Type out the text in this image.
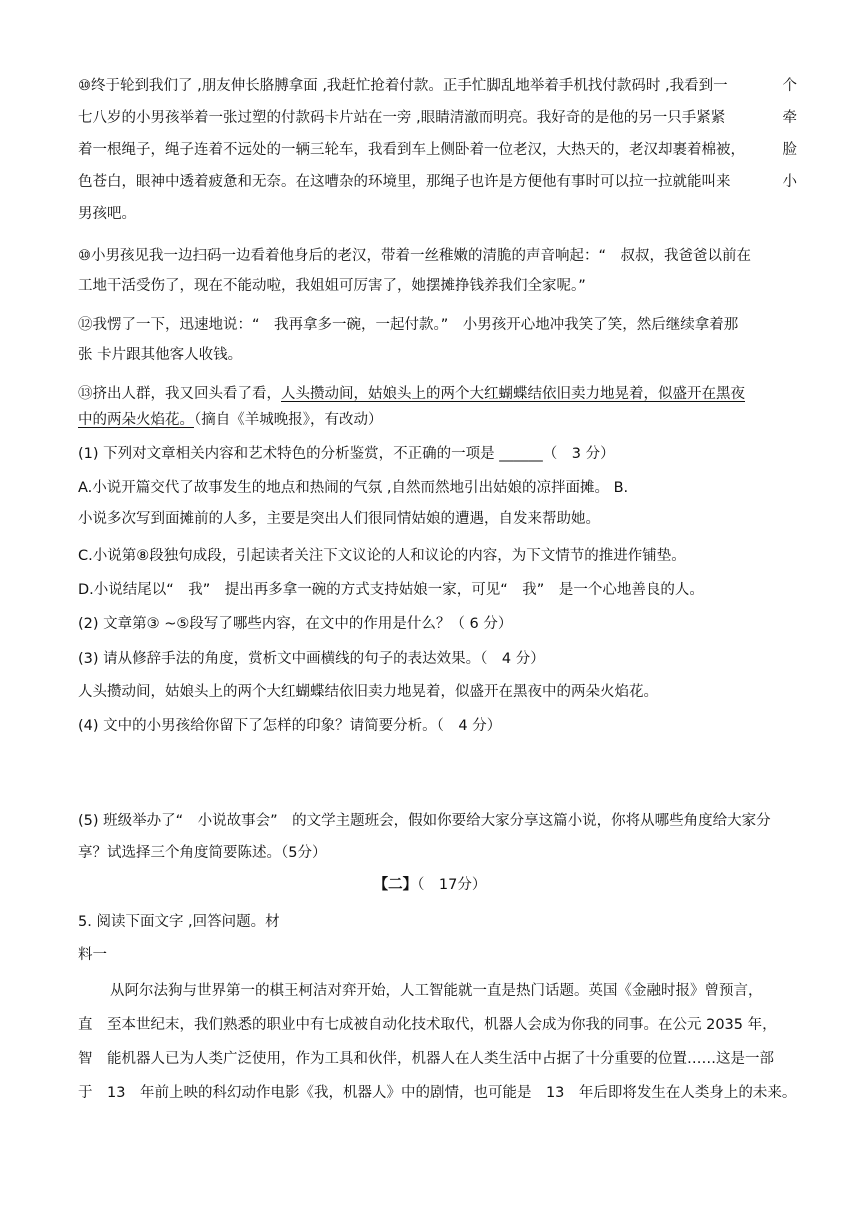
⑩终于轮到我们了 ,朋友伸长胳膊拿面 ,我赶忙抢着付款。正手忙脚乱地举着手机找付款码时 ,我看到一	个
七八岁的小男孩举着一张过塑的付款码卡片站在一旁 ,眼睛清澈而明亮。我好奇的是他的另一只手紧紧	牵
着一根绳子，绳子连着不远处的一辆三轮车，我看到车上侧卧着一位老汉，大热天的，老汉却裹着棉被，	脸
色苍白，眼神中透着疲惫和无奈。在这嘈杂的环境里，那绳子也许是方便他有事时可以拉一拉就能叫来	小
男孩吧。
⑩小男孩见我一边扫码一边看着他身后的老汉，带着一丝稚嫩的清脆的声音响起：“　叔叔，我爸爸以前在
工地干活受伤了，现在不能动啦，我姐姐可厉害了，她摆摊挣钱养我们全家呢。”
⑫我愣了一下，迅速地说：“　我再拿多一碗，一起付款。”　小男孩开心地冲我笑了笑，然后继续拿着那
张 卡片跟其他客人收钱。
⑬挤出人群，我又回头看了看，人头攒动间，姑娘头上的两个大红蝴蝶结依旧卖力地晃着，似盛开在黑夜
中的两朵火焰花。（摘自《羊城晚报》，有改动）
(1) 下列对文章相关内容和艺术特色的分析鉴赏，不正确的一项是 ______（　3 分）
A.小说开篇交代了故事发生的地点和热闹的气氛 ,自然而然地引出姑娘的凉拌面摊。 B.
小说多次写到面摊前的人多，主要是突出人们很同情姑娘的遭遇，自发来帮助她。
C.小说第⑧段独句成段，引起读者关注下文议论的人和议论的内容，为下文情节的推进作铺垫。
D.小说结尾以“　我”　提出再多拿一碗的方式支持姑娘一家，可见“　我”　是一个心地善良的人。
(2) 文章第③ ~⑤段写了哪些内容，在文中的作用是什么？（ 6 分）
(3) 请从修辞手法的角度，赏析文中画横线的句子的表达效果。（　4 分）
人头攒动间，姑娘头上的两个大红蝴蝶结依旧卖力地晃着，似盛开在黑夜中的两朵火焰花。
(4) 文中的小男孩给你留下了怎样的印象？请简要分析。（　4 分）
(5) 班级举办了“　小说故事会”　的文学主题班会，假如你要给大家分享这篇小说，你将从哪些角度给大家分
享？试选择三个角度简要陈述。（5分）
【二】（　17分）
5. 阅读下面文字 ,回答问题。材
料一
从阿尔法狗与世界第一的棋王柯洁对弈开始，人工智能就一直是热门话题。英国《金融时报》曾预言，
直　至本世纪末，我们熟悉的职业中有七成被自动化技术取代，机器人会成为你我的同事。在公元 2035 年，
智　能机器人已为人类广泛使用，作为工具和伙伴，机器人在人类生活中占据了十分重要的位置……这是一部
于　13　年前上映的科幻动作电影《我，机器人》中的剧情，也可能是　13　年后即将发生在人类身上的未来。
